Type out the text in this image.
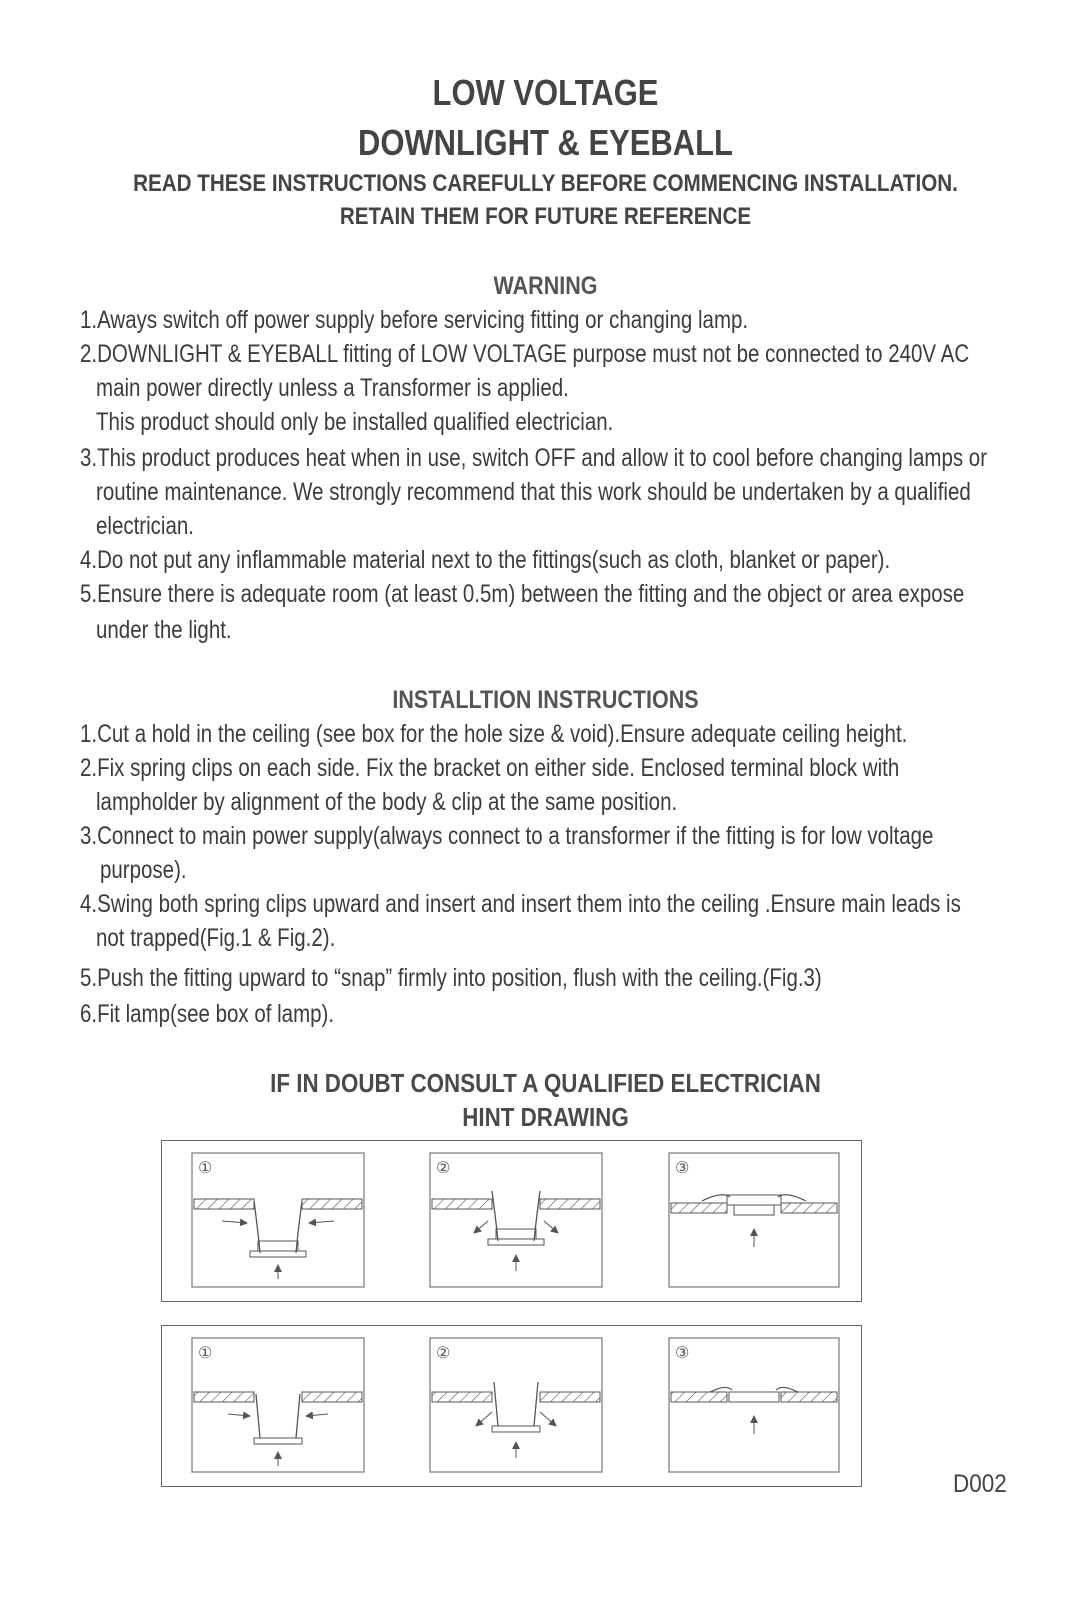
LOW VOLTAGE
DOWNLIGHT & EYEBALL
READ THESE INSTRUCTIONS CAREFULLY BEFORE COMMENCING INSTALLATION.
RETAIN THEM FOR FUTURE REFERENCE
WARNING
1.Aways switch off power supply before servicing fitting or changing lamp.
2.DOWNLIGHT & EYEBALL fitting of LOW VOLTAGE purpose must not be connected to 240V AC
main power directly unless a Transformer is applied.
This product should only be installed qualified electrician.
3.This product produces heat when in use, switch OFF and allow it to cool before changing lamps or
routine maintenance. We strongly recommend that this work should be undertaken by a qualified
electrician.
4.Do not put any inflammable material next to the fittings(such as cloth, blanket or paper).
5.Ensure there is adequate room (at least 0.5m) between the fitting and the object or area expose
under the light.
INSTALLTION INSTRUCTIONS
1.Cut a hold in the ceiling (see box for the hole size & void).Ensure adequate ceiling height.
2.Fix spring clips on each side. Fix the bracket on either side. Enclosed terminal block with
lampholder by alignment of the body & clip at the same position.
3.Connect to main power supply(always connect to a transformer if the fitting is for low voltage
purpose).
4.Swing both spring clips upward and insert and insert them into the ceiling .Ensure main leads is
not trapped(Fig.1 & Fig.2).
5.Push the fitting upward to “snap” firmly into position, flush with the ceiling.(Fig.3)
6.Fit lamp(see box of lamp).
IF IN DOUBT CONSULT A QUALIFIED ELECTRICIAN
HINT DRAWING
①	②	③
①	②	③
D002
